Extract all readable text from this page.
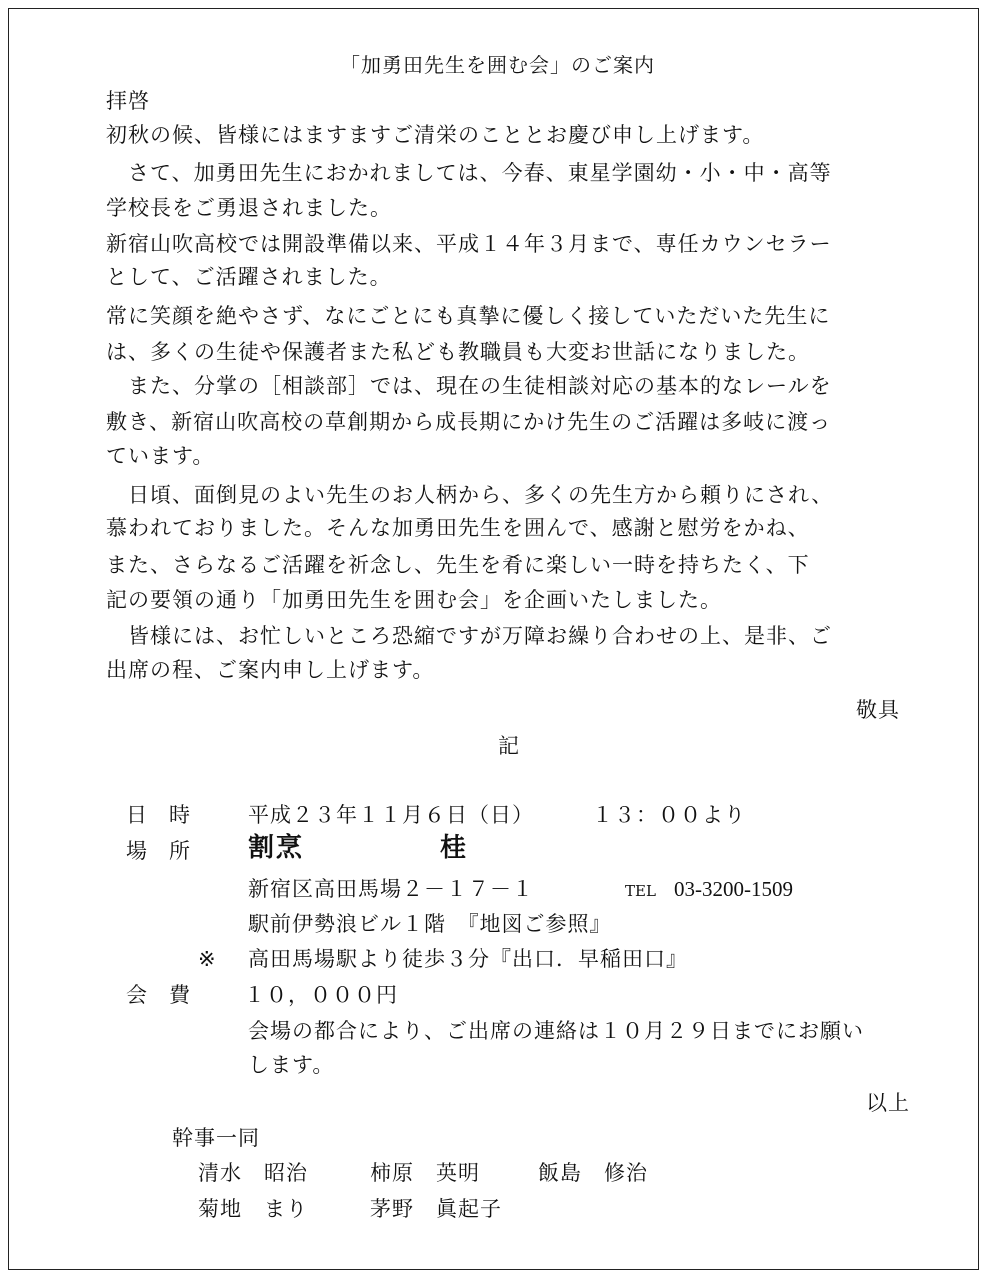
「加勇田先生を囲む会」のご案内
拝啓
初秋の候、皆様にはますますご清栄のこととお慶び申し上げます。
　さて、加勇田先生におかれましては、今春、東星学園幼・小・中・高等
学校長をご勇退されました。
新宿山吹高校では開設準備以来、平成１４年３月まで、専任カウンセラー
として、ご活躍されました。
常に笑顔を絶やさず、なにごとにも真摯に優しく接していただいた先生に
は、多くの生徒や保護者また私ども教職員も大変お世話になりました。
　また、分掌の［相談部］では、現在の生徒相談対応の基本的なレールを
敷き、新宿山吹高校の草創期から成長期にかけ先生のご活躍は多岐に渡っ
ています。
　日頃、面倒見のよい先生のお人柄から、多くの先生方から頼りにされ、
慕われておりました。そんな加勇田先生を囲んで、感謝と慰労をかね、
また、さらなるご活躍を祈念し、先生を肴に楽しい一時を持ちたく、下
記の要領の通り「加勇田先生を囲む会」を企画いたしました。
　皆様には、お忙しいところ恐縮ですが万障お繰り合わせの上、是非、ご
出席の程、ご案内申し上げます。
敬具
記
日時 平成２３年１１月６日（日）	１３：００より
場所 割烹	桂
新宿区高田馬場２－１７－１	TEL 03-3200-1509
駅前伊勢浪ビル１階　『地図ご参照』
※ 高田馬場駅より徒歩３分『出口．早稲田口』
会費 １０，０００円
会場の都合により、ご出席の連絡は１０月２９日までにお願い
します。
以上
幹事一同
清水　昭治	柿原　英明	飯島　修治
菊地　まり	茅野　眞起子
